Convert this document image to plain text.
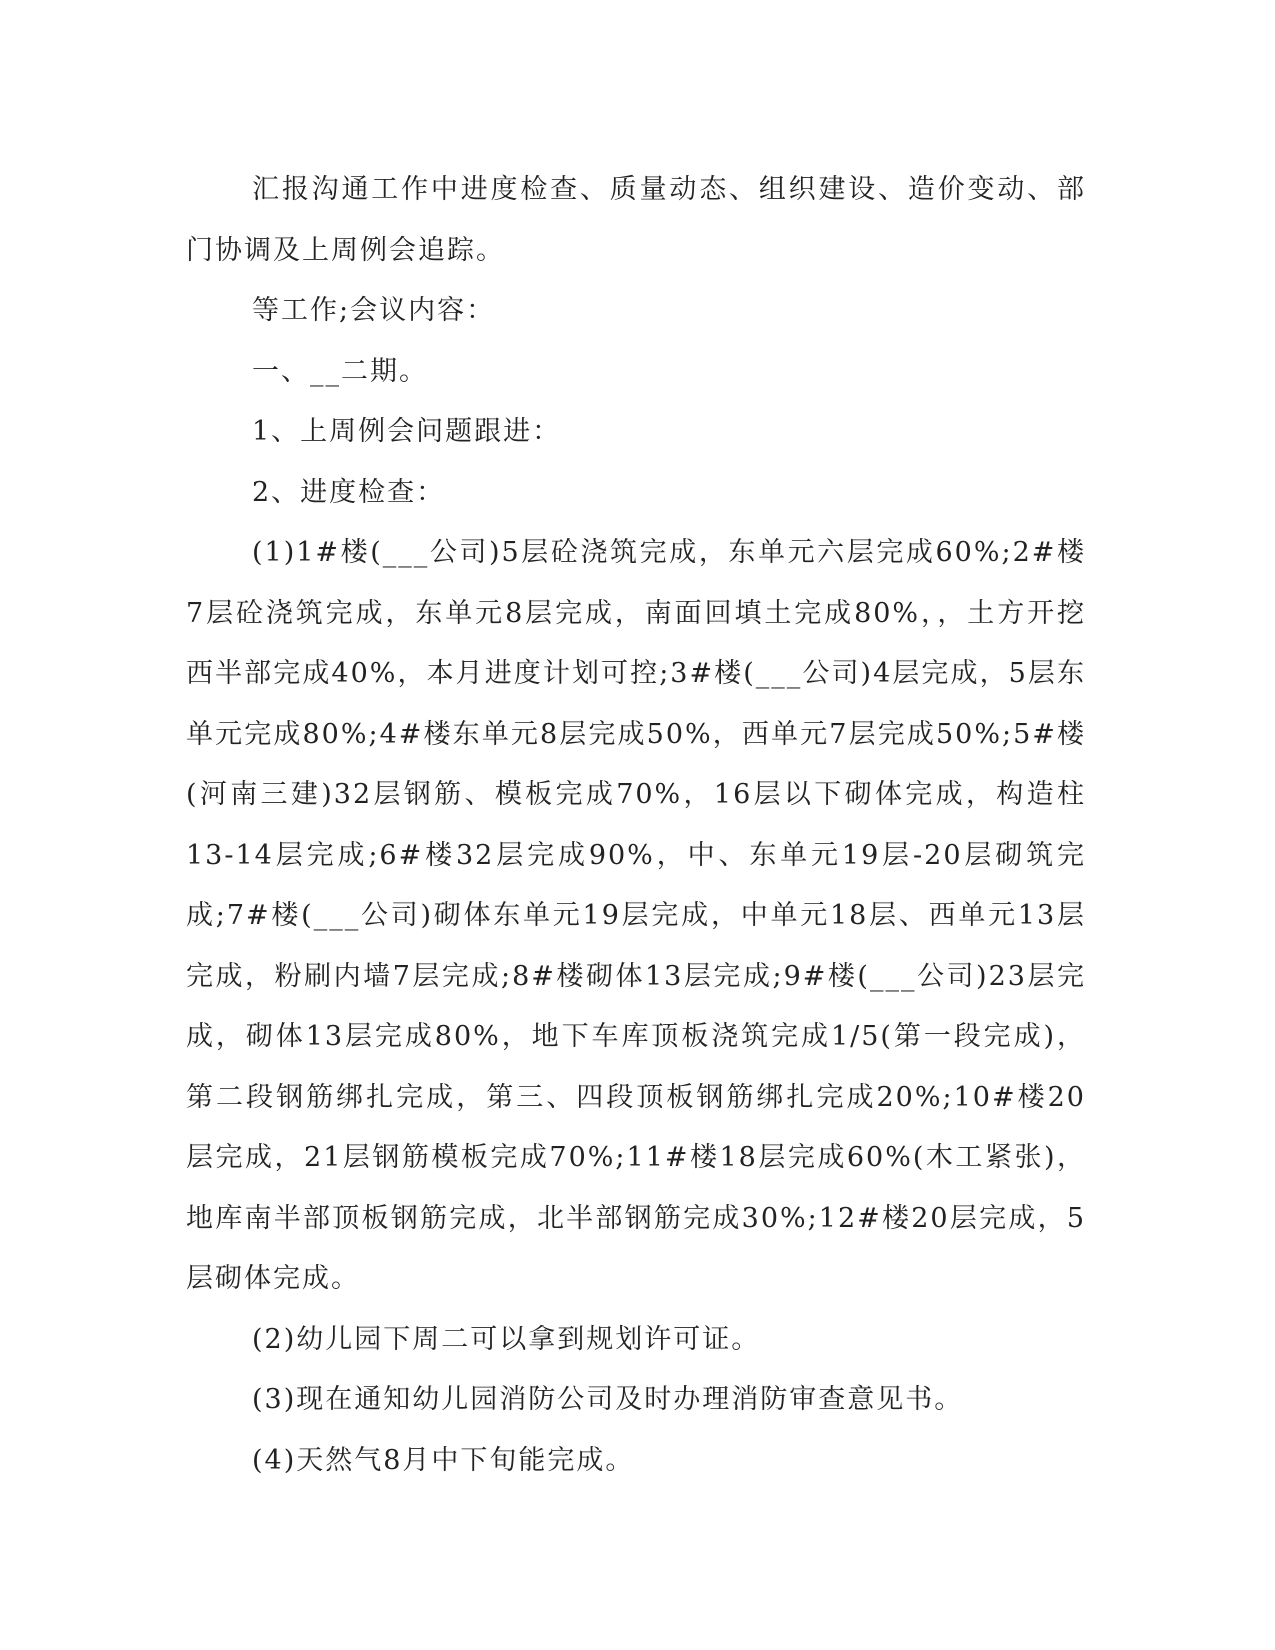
汇报沟通工作中进度检查、质量动态、组织建设、造价变动、部门协调及上周例会追踪。

等工作;会议内容：

一、__二期。

1、上周例会问题跟进：

2、进度检查：

(1)1#楼(___公司)5层砼浇筑完成，东单元六层完成60%;2#楼7层砼浇筑完成，东单元8层完成，南面回填土完成80%，，土方开挖西半部完成40%，本月进度计划可控;3#楼(___公司)4层完成，5层东单元完成80%;4#楼东单元8层完成50%，西单元7层完成50%;5#楼(河南三建)32层钢筋、模板完成70%，16层以下砌体完成，构造柱13-14层完成;6#楼32层完成90%，中、东单元19层-20层砌筑完成;7#楼(___公司)砌体东单元19层完成，中单元18层、西单元13层完成，粉刷内墙7层完成;8#楼砌体13层完成;9#楼(___公司)23层完成，砌体13层完成80%，地下车库顶板浇筑完成1/5(第一段完成)，第二段钢筋绑扎完成，第三、四段顶板钢筋绑扎完成20%;10#楼20层完成，21层钢筋模板完成70%;11#楼18层完成60%(木工紧张)，地库南半部顶板钢筋完成，北半部钢筋完成30%;12#楼20层完成，5层砌体完成。

(2)幼儿园下周二可以拿到规划许可证。

(3)现在通知幼儿园消防公司及时办理消防审查意见书。

(4)天然气8月中下旬能完成。
